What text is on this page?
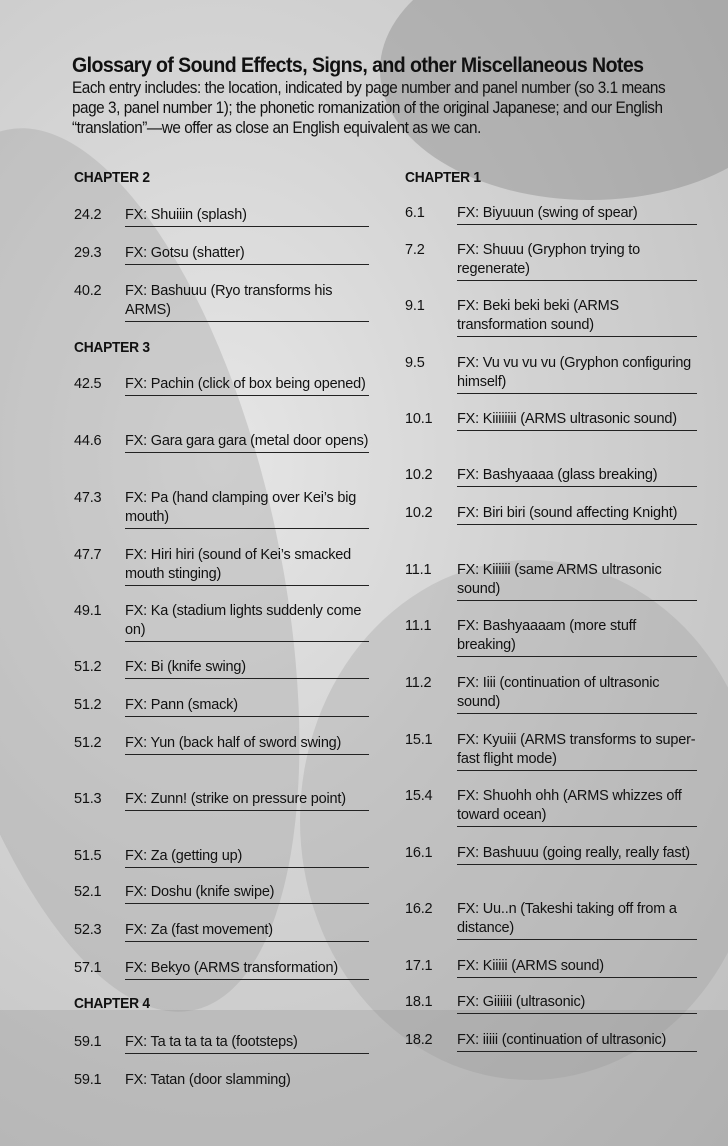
Glossary of Sound Effects, Signs, and other Miscellaneous Notes

Each entry includes: the location, indicated by page number and panel number (so 3.1 means page 3, panel number 1); the phonetic romanization of the original Japanese; and our English “translation”—we offer as close an English equivalent as we can.

CHAPTER 2
24.2 FX: Shuiiin (splash)
29.3 FX: Gotsu (shatter)
40.2 FX: Bashuuu (Ryo transforms his ARMS)
CHAPTER 3
42.5 FX: Pachin (click of box being opened)
44.6 FX: Gara gara gara (metal door opens)
47.3 FX: Pa (hand clamping over Kei’s big mouth)
47.7 FX: Hiri hiri (sound of Kei’s smacked mouth stinging)
49.1 FX: Ka (stadium lights suddenly come on)
51.2 FX: Bi (knife swing)
51.2 FX: Pann (smack)
51.2 FX: Yun (back half of sword swing)
51.3 FX: Zunn! (strike on pressure point)
51.5 FX: Za (getting up)
52.1 FX: Doshu (knife swipe)
52.3 FX: Za (fast movement)
57.1 FX: Bekyo (ARMS transformation)
CHAPTER 4
59.1 FX: Ta ta ta ta ta (footsteps)
59.1 FX: Tatan (door slamming)
CHAPTER 1
6.1 FX: Biyuuun (swing of spear)
7.2 FX: Shuuu (Gryphon trying to regenerate)
9.1 FX: Beki beki beki (ARMS transformation sound)
9.5 FX: Vu vu vu vu (Gryphon configuring himself)
10.1 FX: Kiiiiiiii (ARMS ultrasonic sound)
10.2 FX: Bashyaaaa (glass breaking)
10.2 FX: Biri biri (sound affecting Knight)
11.1 FX: Kiiiiii (same ARMS ultrasonic sound)
11.1 FX: Bashyaaaam (more stuff breaking)
11.2 FX: Iiii (continuation of ultrasonic sound)
15.1 FX: Kyuiii (ARMS transforms to super-fast flight mode)
15.4 FX: Shuohh ohh (ARMS whizzes off toward ocean)
16.1 FX: Bashuuu (going really, really fast)
16.2 FX: Uu..n (Takeshi taking off from a distance)
17.1 FX: Kiiiii (ARMS sound)
18.1 FX: Giiiiii (ultrasonic)
18.2 FX: iiiii (continuation of ultrasonic)
